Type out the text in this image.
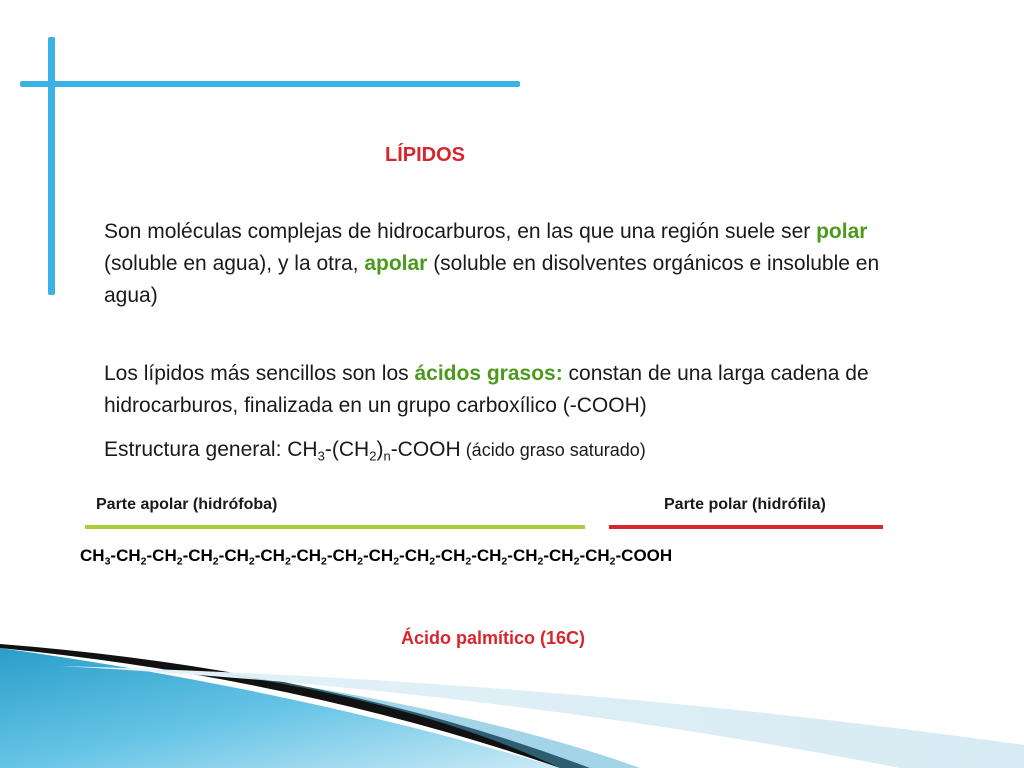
LÍPIDOS
Son moléculas complejas de hidrocarburos, en las que una región suele ser polar (soluble en agua), y la otra, apolar (soluble en disolventes orgánicos e insoluble en agua)
Los lípidos más sencillos son los ácidos grasos: constan de una larga cadena de hidrocarburos, finalizada en un grupo carboxílico (-COOH)
Estructura general: $CH_3-(CH_2)_n$-COOH (ácido graso saturado)
Parte apolar (hidrófoba)	Parte polar (hidrófila)
$CH_3-CH_2-CH_2-CH_2-CH_2-CH_2-CH_2-CH_2-CH_2-CH_2-CH_2-CH_2-CH_2-CH_2-CH_2$-COOH
Ácido palmítico (16C)
